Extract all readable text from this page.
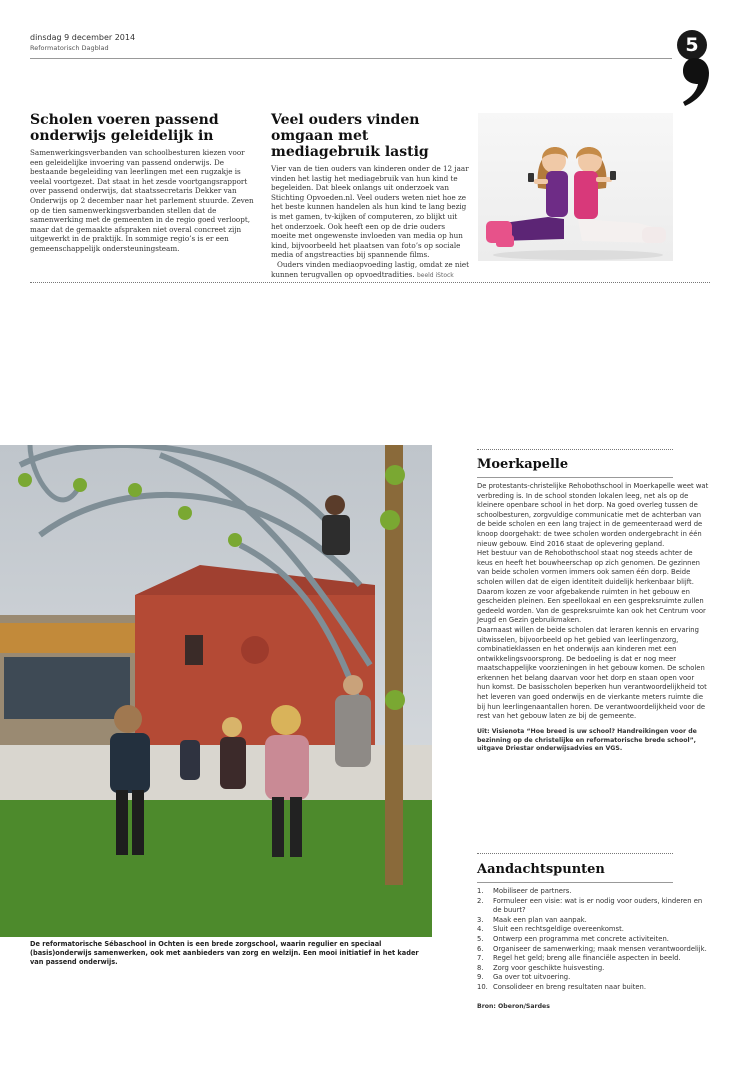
dinsdag 9 december 2014
Reformatorisch Dagblad	5
Scholen voeren passend onderwijs geleidelijk in

Samenwerkingsverbanden van schoolbesturen kiezen voor een geleidelijke invoering van passend onderwijs. De bestaande begeleiding van leerlingen met een rugzakje is veelal voortgezet. Dat staat in het zesde voortgangsrapport over passend onderwijs, dat staatssecretaris Dekker van Onderwijs op 2 december naar het parlement stuurde. Zeven op de tien samenwerkingsverbanden stellen dat de samenwerking met de gemeenten in de regio goed verloopt, maar dat de gemaakte afspraken niet overal concreet zijn uitgewerkt in de praktijk. In sommige regio’s is er een gemeenschappelijk ondersteuningsteam.

Veel ouders vinden omgaan met mediagebruik lastig

Vier van de tien ouders van kinderen onder de 12 jaar vinden het lastig het mediagebruik van hun kind te begeleiden. Dat bleek onlangs uit onderzoek van Stichting Opvoeden.nl. Veel ouders weten niet hoe ze het beste kunnen handelen als hun kind te lang bezig is met gamen, tv-kijken of computeren, zo blijkt uit het onderzoek. Ook heeft een op de drie ouders moeite met ongewenste invloeden van media op hun kind, bijvoorbeeld het plaatsen van foto’s op sociale media of angstreacties bij spannende films.

Ouders vinden mediaopvoeding lastig, omdat ze niet kunnen terugvallen op opvoedtradities. beeld iStock

De reformatorische Sébaschool in Ochten is een brede zorgschool, waarin regulier en speciaal (basis)onderwijs samenwerken, ook met aanbieders van zorg en welzijn. Een mooi initiatief in het kader van passend onderwijs.
Moerkapelle

De protestants-christelijke Rehobothschool in Moerkapelle weet wat verbreding is. In de school stonden lokalen leeg, net als op de kleinere openbare school in het dorp. Na goed overleg tussen de schoolbesturen, zorgvuldige communicatie met de achterban van de beide scholen en een lang traject in de gemeenteraad werd de knoop doorgehakt: de twee scholen worden ondergebracht in één nieuw gebouw. Eind 2016 staat de oplevering gepland.

Het bestuur van de Rehobothschool staat nog steeds achter de keus en heeft het bouwheerschap op zich genomen. De gezinnen van beide scholen vormen immers ook samen één dorp. Beide scholen willen dat de eigen identiteit duidelijk herkenbaar blijft. Daarom kozen ze voor afgebakende ruimten in het gebouw en gescheiden pleinen. Een speellokaal en een gespreksruimte zullen gedeeld worden. Van de gespreksruimte kan ook het Centrum voor Jeugd en Gezin gebruikmaken.

Daarnaast willen de beide scholen dat leraren kennis en ervaring uitwisselen, bijvoorbeeld op het gebied van leerlingenzorg, combinatieklassen en het onderwijs aan kinderen met een ontwikkelingsvoorsprong. De bedoeling is dat er nog meer maatschappelijke voorzieningen in het gebouw komen. De scholen erkennen het belang daarvan voor het dorp en staan open voor hun komst. De basisscholen beperken hun verantwoordelijkheid tot het leveren van goed onderwijs en de vierkante meters ruimte die bij hun leerlingenaantallen horen. De verantwoordelijkheid voor de rest van het gebouw laten ze bij de gemeente.

Uit: Visienota “Hoe breed is uw school? Handreikingen voor de bezinning op de christelijke en reformatorische brede school”, uitgave Driestar onderwijsadvies en VGS.

Aandachtspunten
1. Mobiliseer de partners.
2. Formuleer een visie: wat is er nodig voor ouders, kinderen en de buurt?
3. Maak een plan van aanpak.
4. Sluit een rechtsgeldige overeenkomst.
5. Ontwerp een programma met concrete activiteiten.
6. Organiseer de samenwerking; maak mensen verantwoordelijk.
7. Regel het geld; breng alle financiële aspecten in beeld.
8. Zorg voor geschikte huisvesting.
9. Ga over tot uitvoering.
10. Consolideer en breng resultaten naar buiten.

Bron: Oberon/Sardes
